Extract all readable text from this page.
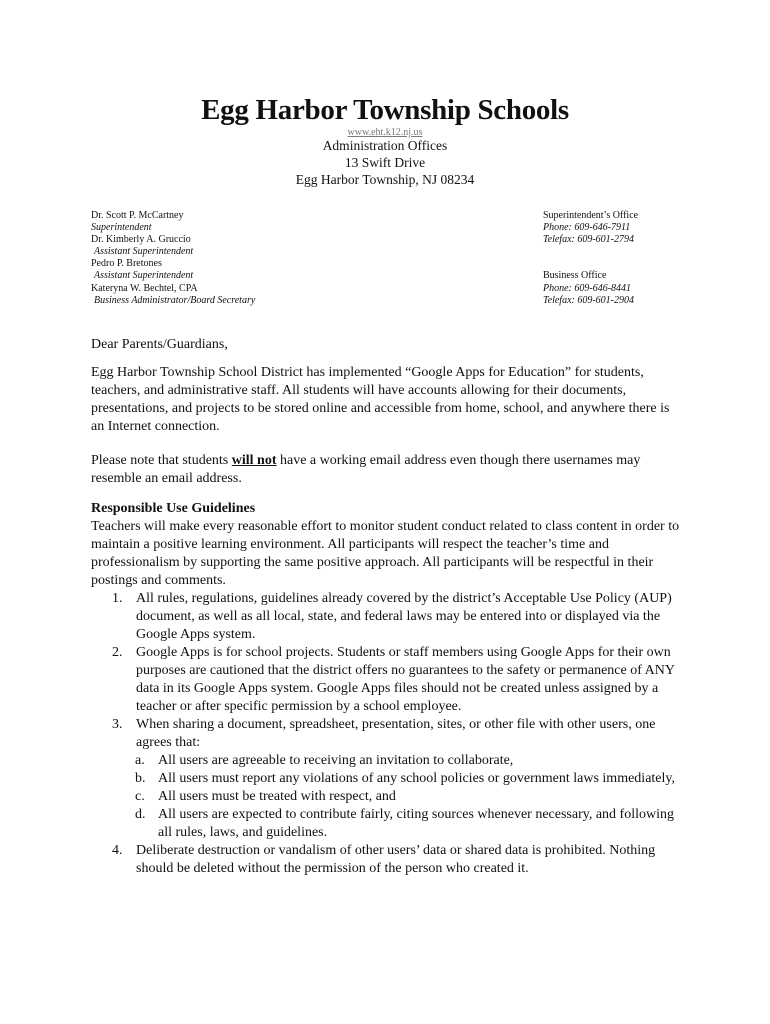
Egg Harbor Township Schools
www.eht.k12.nj.us
Administration Offices
13 Swift Drive
Egg Harbor Township, NJ 08234
Dr. Scott P. McCartney
Superintendent
Dr. Kimberly A. Gruccio
Assistant Superintendent
Pedro P. Bretones
Assistant Superintendent
Kateryna W. Bechtel, CPA
Business Administrator/Board Secretary
Superintendent’s Office
Phone: 609-646-7911
Telefax: 609-601-2794
Business Office
Phone: 609-646-8441
Telefax: 609-601-2904
Dear Parents/Guardians,
Egg Harbor Township School District has implemented “Google Apps for Education” for students, teachers, and administrative staff. All students will have accounts allowing for their documents, presentations, and projects to be stored online and accessible from home, school, and anywhere there is an Internet connection.
Please note that students will not have a working email address even though there usernames may resemble an email address.
Responsible Use Guidelines
Teachers will make every reasonable effort to monitor student conduct related to class content in order to maintain a positive learning environment. All participants will respect the teacher’s time and professionalism by supporting the same positive approach. All participants will be respectful in their postings and comments.
1. All rules, regulations, guidelines already covered by the district’s Acceptable Use Policy (AUP) document, as well as all local, state, and federal laws may be entered into or displayed via the Google Apps system.
2. Google Apps is for school projects. Students or staff members using Google Apps for their own purposes are cautioned that the district offers no guarantees to the safety or permanence of ANY data in its Google Apps system. Google Apps files should not be created unless assigned by a teacher or after specific permission by a school employee.
3. When sharing a document, spreadsheet, presentation, sites, or other file with other users, one agrees that:
a. All users are agreeable to receiving an invitation to collaborate,
b. All users must report any violations of any school policies or government laws immediately,
c. All users must be treated with respect, and
d. All users are expected to contribute fairly, citing sources whenever necessary, and following all rules, laws, and guidelines.
4. Deliberate destruction or vandalism of other users’ data or shared data is prohibited. Nothing should be deleted without the permission of the person who created it.
